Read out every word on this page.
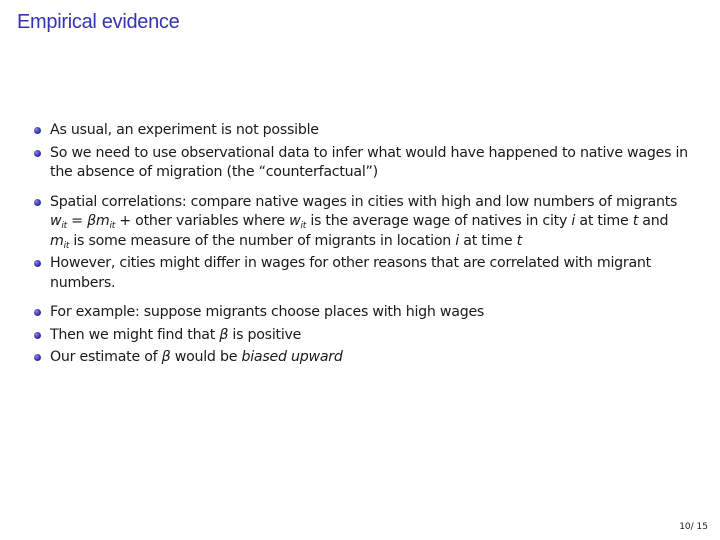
Empirical evidence
As usual, an experiment is not possible
So we need to use observational data to infer what would have happened to native wages in
the absence of migration (the “counterfactual”)
Spatial correlations: compare native wages in cities with high and low numbers of migrants
$w_{it} = \beta m_{it}$ + other variables where $w_{it}$ is the average wage of natives in city i at time t and
$m_{it}$ is some measure of the number of migrants in location i at time t
However, cities might differ in wages for other reasons that are correlated with migrant
numbers.
For example: suppose migrants choose places with high wages
Then we might find that β is positive
Our estimate of β would be biased upward
10/ 15
